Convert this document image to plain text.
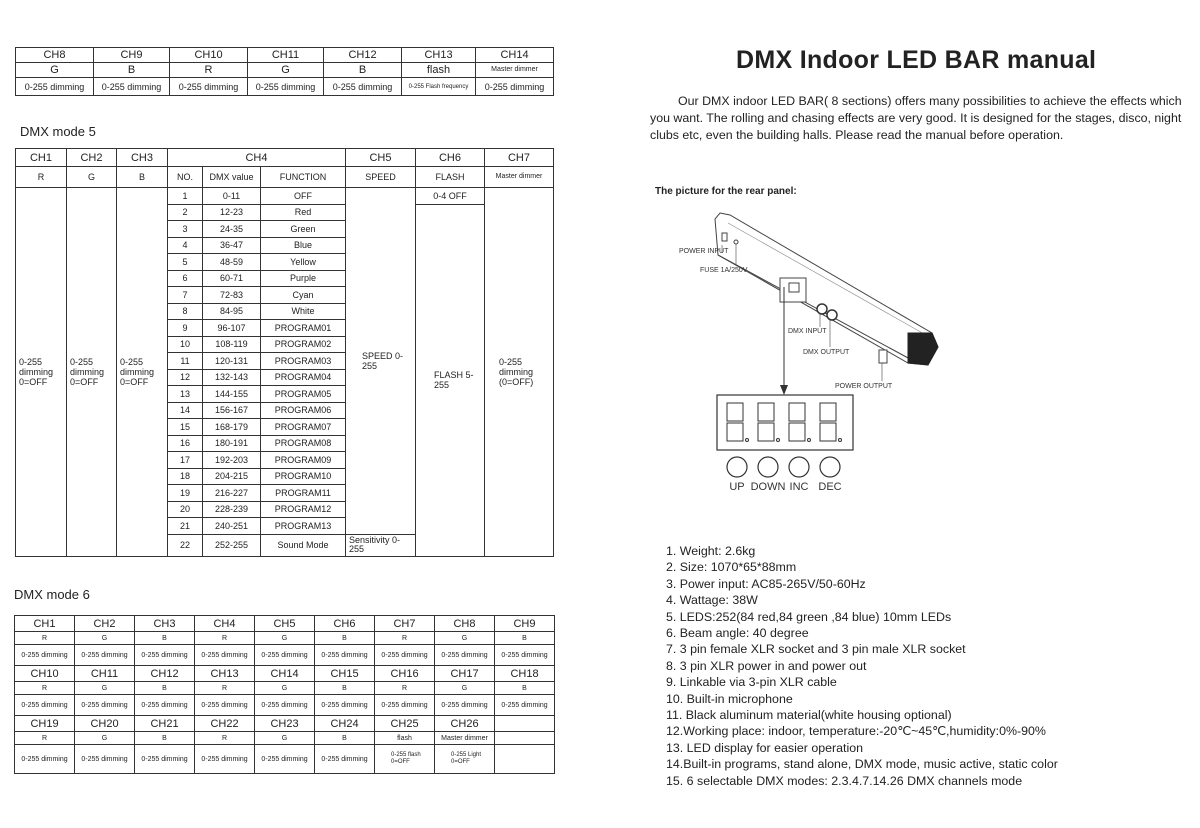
CH8	CH9	CH10	CH11	CH12	CH13	CH14
G	B	R	G	B	flash	Master dimmer
0-255 dimming	0-255 dimming	0-255 dimming	0-255 dimming	0-255 dimming	0-255 Flash frequency	0-255 dimming
DMX mode 5
CH1	CH2	CH3	CH4			CH5	CH6	CH7
R	G	B	NO.	DMX value	FUNCTION	SPEED	FLASH	Master dimmer
0-255 dimming 0=OFF	0-255 dimming 0=OFF	0-255 dimming 0=OFF	1	0-11	OFF	SPEED 0-255	0-4 OFF	0-255 dimming (0=OFF)
			2	12-23	Red		FLASH 5-255	
			3	24-35	Green			
			4	36-47	Blue			
			5	48-59	Yellow			
			6	60-71	Purple			
			7	72-83	Cyan			
			8	84-95	White			
			9	96-107	PROGRAM01			
			10	108-119	PROGRAM02			
			11	120-131	PROGRAM03			
			12	132-143	PROGRAM04			
			13	144-155	PROGRAM05			
			14	156-167	PROGRAM06			
			15	168-179	PROGRAM07			
			16	180-191	PROGRAM08			
			17	192-203	PROGRAM09			
			18	204-215	PROGRAM10			
			19	216-227	PROGRAM11			
			20	228-239	PROGRAM12			
			21	240-251	PROGRAM13			
			22	252-255	Sound Mode	Sensitivity 0-255		
DMX mode 6
CH1	CH2	CH3	CH4	CH5	CH6	CH7	CH8	CH9
R	G	B	R	G	B	R	G	B
0-255 dimming	0-255 dimming	0-255 dimming	0-255 dimming	0-255 dimming	0-255 dimming	0-255 dimming	0-255 dimming	0-255 dimming
CH10	CH11	CH12	CH13	CH14	CH15	CH16	CH17	CH18
R	G	B	R	G	B	R	G	B
0-255 dimming	0-255 dimming	0-255 dimming	0-255 dimming	0-255 dimming	0-255 dimming	0-255 dimming	0-255 dimming	0-255 dimming
CH19	CH20	CH21	CH22	CH23	CH24	CH25	CH26	
R	G	B	R	G	B	flash	Master dimmer	
0-255 dimming	0-255 dimming	0-255 dimming	0-255 dimming	0-255 dimming	0-255 dimming	0-255 flash 0=OFF	0-255 Light 0=OFF	
DMX Indoor LED BAR manual
Our DMX indoor LED BAR( 8 sections) offers many possibilities to achieve the effects which you want. The rolling and chasing effects are very good. It is designed for the stages, disco, night clubs etc, even the building halls. Please read the manual before operation.
The picture for the rear panel:
POWER INPUT
FUSE 1A/250V
DMX INPUT
DMX OUTPUT
POWER OUTPUT
UP DOWN INC DEC
1. Weight: 2.6kg
2. Size: 1070*65*88mm
3. Power input: AC85-265V/50-60Hz
4. Wattage: 38W
5. LEDS:252(84 red,84 green ,84 blue) 10mm LEDs
6. Beam angle: 40 degree
7. 3 pin female XLR socket and 3 pin male XLR socket
8. 3 pin XLR power in and power out
9. Linkable via 3-pin XLR cable
10. Built-in microphone
11. Black aluminum material(white housing optional)
12.Working place: indoor, temperature:-20℃~45℃,humidity:0%-90%
13. LED display for easier operation
14.Built-in programs, stand alone, DMX mode, music active, static color
15. 6 selectable DMX modes: 2.3.4.7.14.26 DMX channels mode
